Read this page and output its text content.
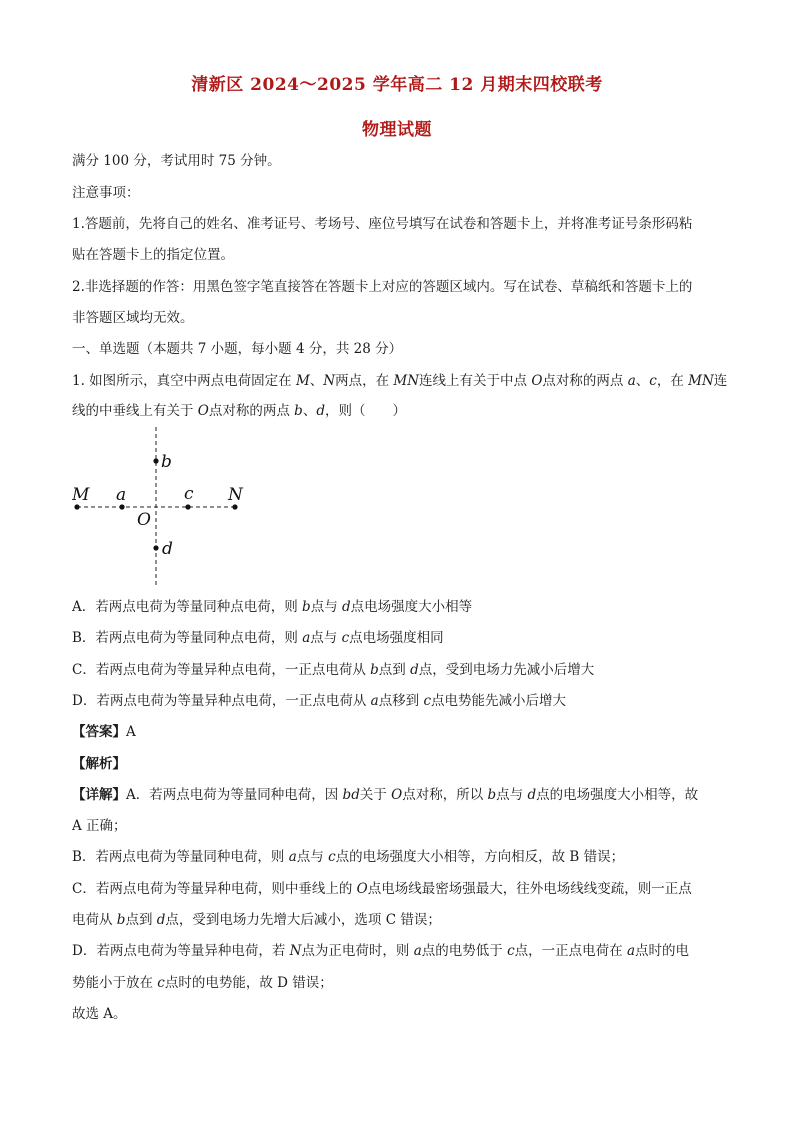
清新区 2024～2025 学年高二 12 月期末四校联考
物理试题
满分 100 分，考试用时 75 分钟。
注意事项：
1.答题前，先将自己的姓名、准考证号、考场号、座位号填写在试卷和答题卡上，并将准考证号条形码粘
贴在答题卡上的指定位置。
2.非选择题的作答：用黑色签字笔直接答在答题卡上对应的答题区域内。写在试卷、草稿纸和答题卡上的
非答题区域均无效。
一、单选题（本题共 7 小题，每小题 4 分，共 28 分）
1. 如图所示，真空中两点电荷固定在 M、N两点，在 MN连线上有关于中点 O点对称的两点 a、c，在 MN连
线的中垂线上有关于 O点对称的两点 b、d，则（　　）
M a	c N
O
b
d
A．若两点电荷为等量同种点电荷，则 b点与 d点电场强度大小相等
B．若两点电荷为等量同种点电荷，则 a点与 c点电场强度相同
C．若两点电荷为等量异种点电荷，一正点电荷从 b点到 d点，受到电场力先减小后增大
D．若两点电荷为等量异种点电荷，一正点电荷从 a点移到 c点电势能先减小后增大
【答案】A
【解析】
【详解】A．若两点电荷为等量同种电荷，因 bd关于 O点对称，所以 b点与 d点的电场强度大小相等，故
A 正确；
B．若两点电荷为等量同种电荷，则 a点与 c点的电场强度大小相等，方向相反，故 B 错误；
C．若两点电荷为等量异种电荷，则中垂线上的 O点电场线最密场强最大，往外电场线线变疏，则一正点
电荷从 b点到 d点，受到电场力先增大后减小，选项 C 错误；
D．若两点电荷为等量异种电荷，若 N点为正电荷时，则 a点的电势低于 c点，一正点电荷在 a点时的电
势能小于放在 c点时的电势能，故 D 错误；
故选 A。
